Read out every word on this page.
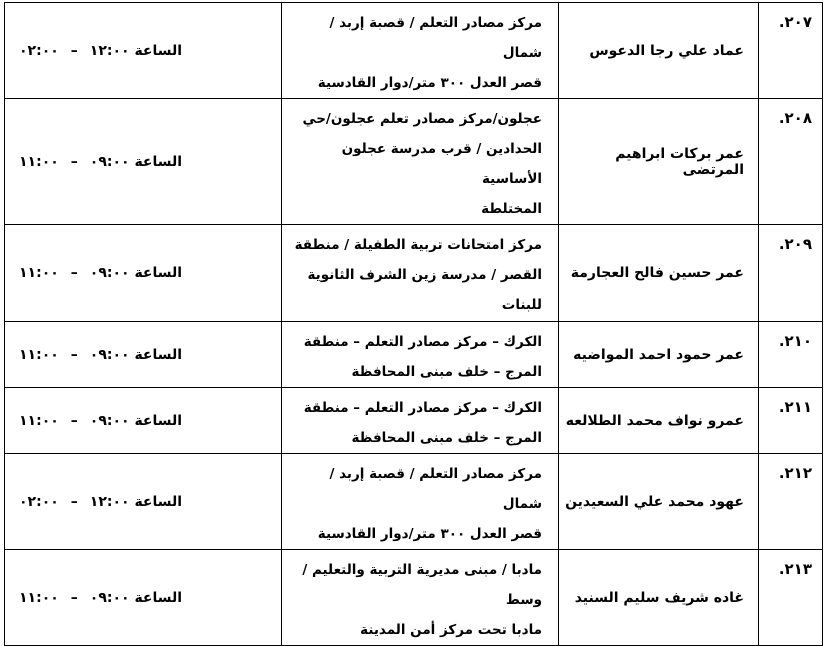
٢٠٧.	عماد علي رجا الدعوس	مركز مصادر التعلم / قصبة إربد / شمال
قصر العدل ٣٠٠ متر/دوار القادسية	٠٢:٠٠ – ١٢:٠٠ الساعة
٢٠٨.	عمر بركات ابراهيم المرتضى	عجلون/مركز مصادر تعلم عجلون/حي
الحدادين / قرب مدرسة عجلون الأساسية
المختلطة	١١:٠٠ – ٠٩:٠٠ الساعة
٢٠٩.	عمر حسين فالح العجارمة	مركز امتحانات تربية الطفيلة / منطقة
القصر / مدرسة زين الشرف الثانوية
للبنات	١١:٠٠ – ٠٩:٠٠ الساعة
٢١٠.	عمر حمود احمد المواضيه	الكرك – مركز مصادر التعلم – منطقة
المرج – خلف مبنى المحافظة	١١:٠٠ – ٠٩:٠٠ الساعة
٢١١.	عمرو نواف محمد الطلالعه	الكرك – مركز مصادر التعلم – منطقة
المرج – خلف مبنى المحافظة	١١:٠٠ – ٠٩:٠٠ الساعة
٢١٢.	عهود محمد علي السعيدين	مركز مصادر التعلم / قصبة إربد / شمال
قصر العدل ٣٠٠ متر/دوار القادسية	٠٢:٠٠ – ١٢:٠٠ الساعة
٢١٣.	غاده شريف سليم السنيد	مادبا / مبنى مديرية التربية والتعليم /وسط
مادبا تحت مركز أمن المدينة	١١:٠٠ – ٠٩:٠٠ الساعة
